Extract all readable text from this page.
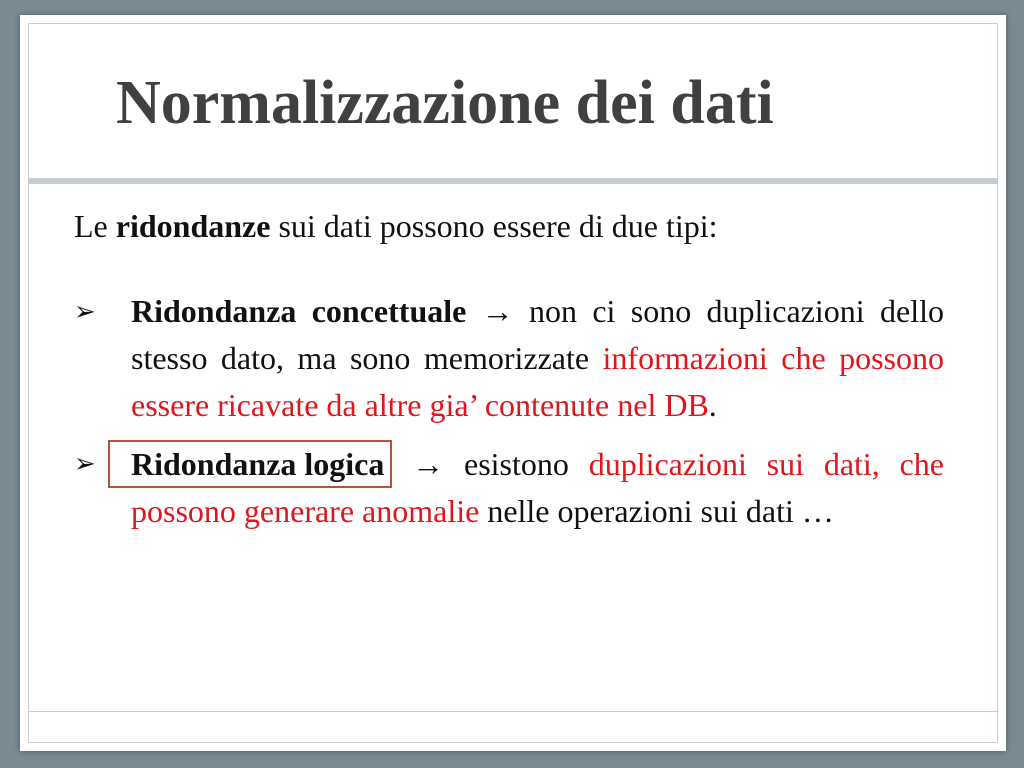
Normalizzazione dei dati

Le ridondanze sui dati possono essere di due tipi:

➢ Ridondanza concettuale → non ci sono duplicazioni dello stesso dato, ma sono memorizzate informazioni che possono essere ricavate da altre gia’ contenute nel DB.
➢ Ridondanza logica → esistono duplicazioni sui dati, che possono generare anomalie nelle operazioni sui dati …
